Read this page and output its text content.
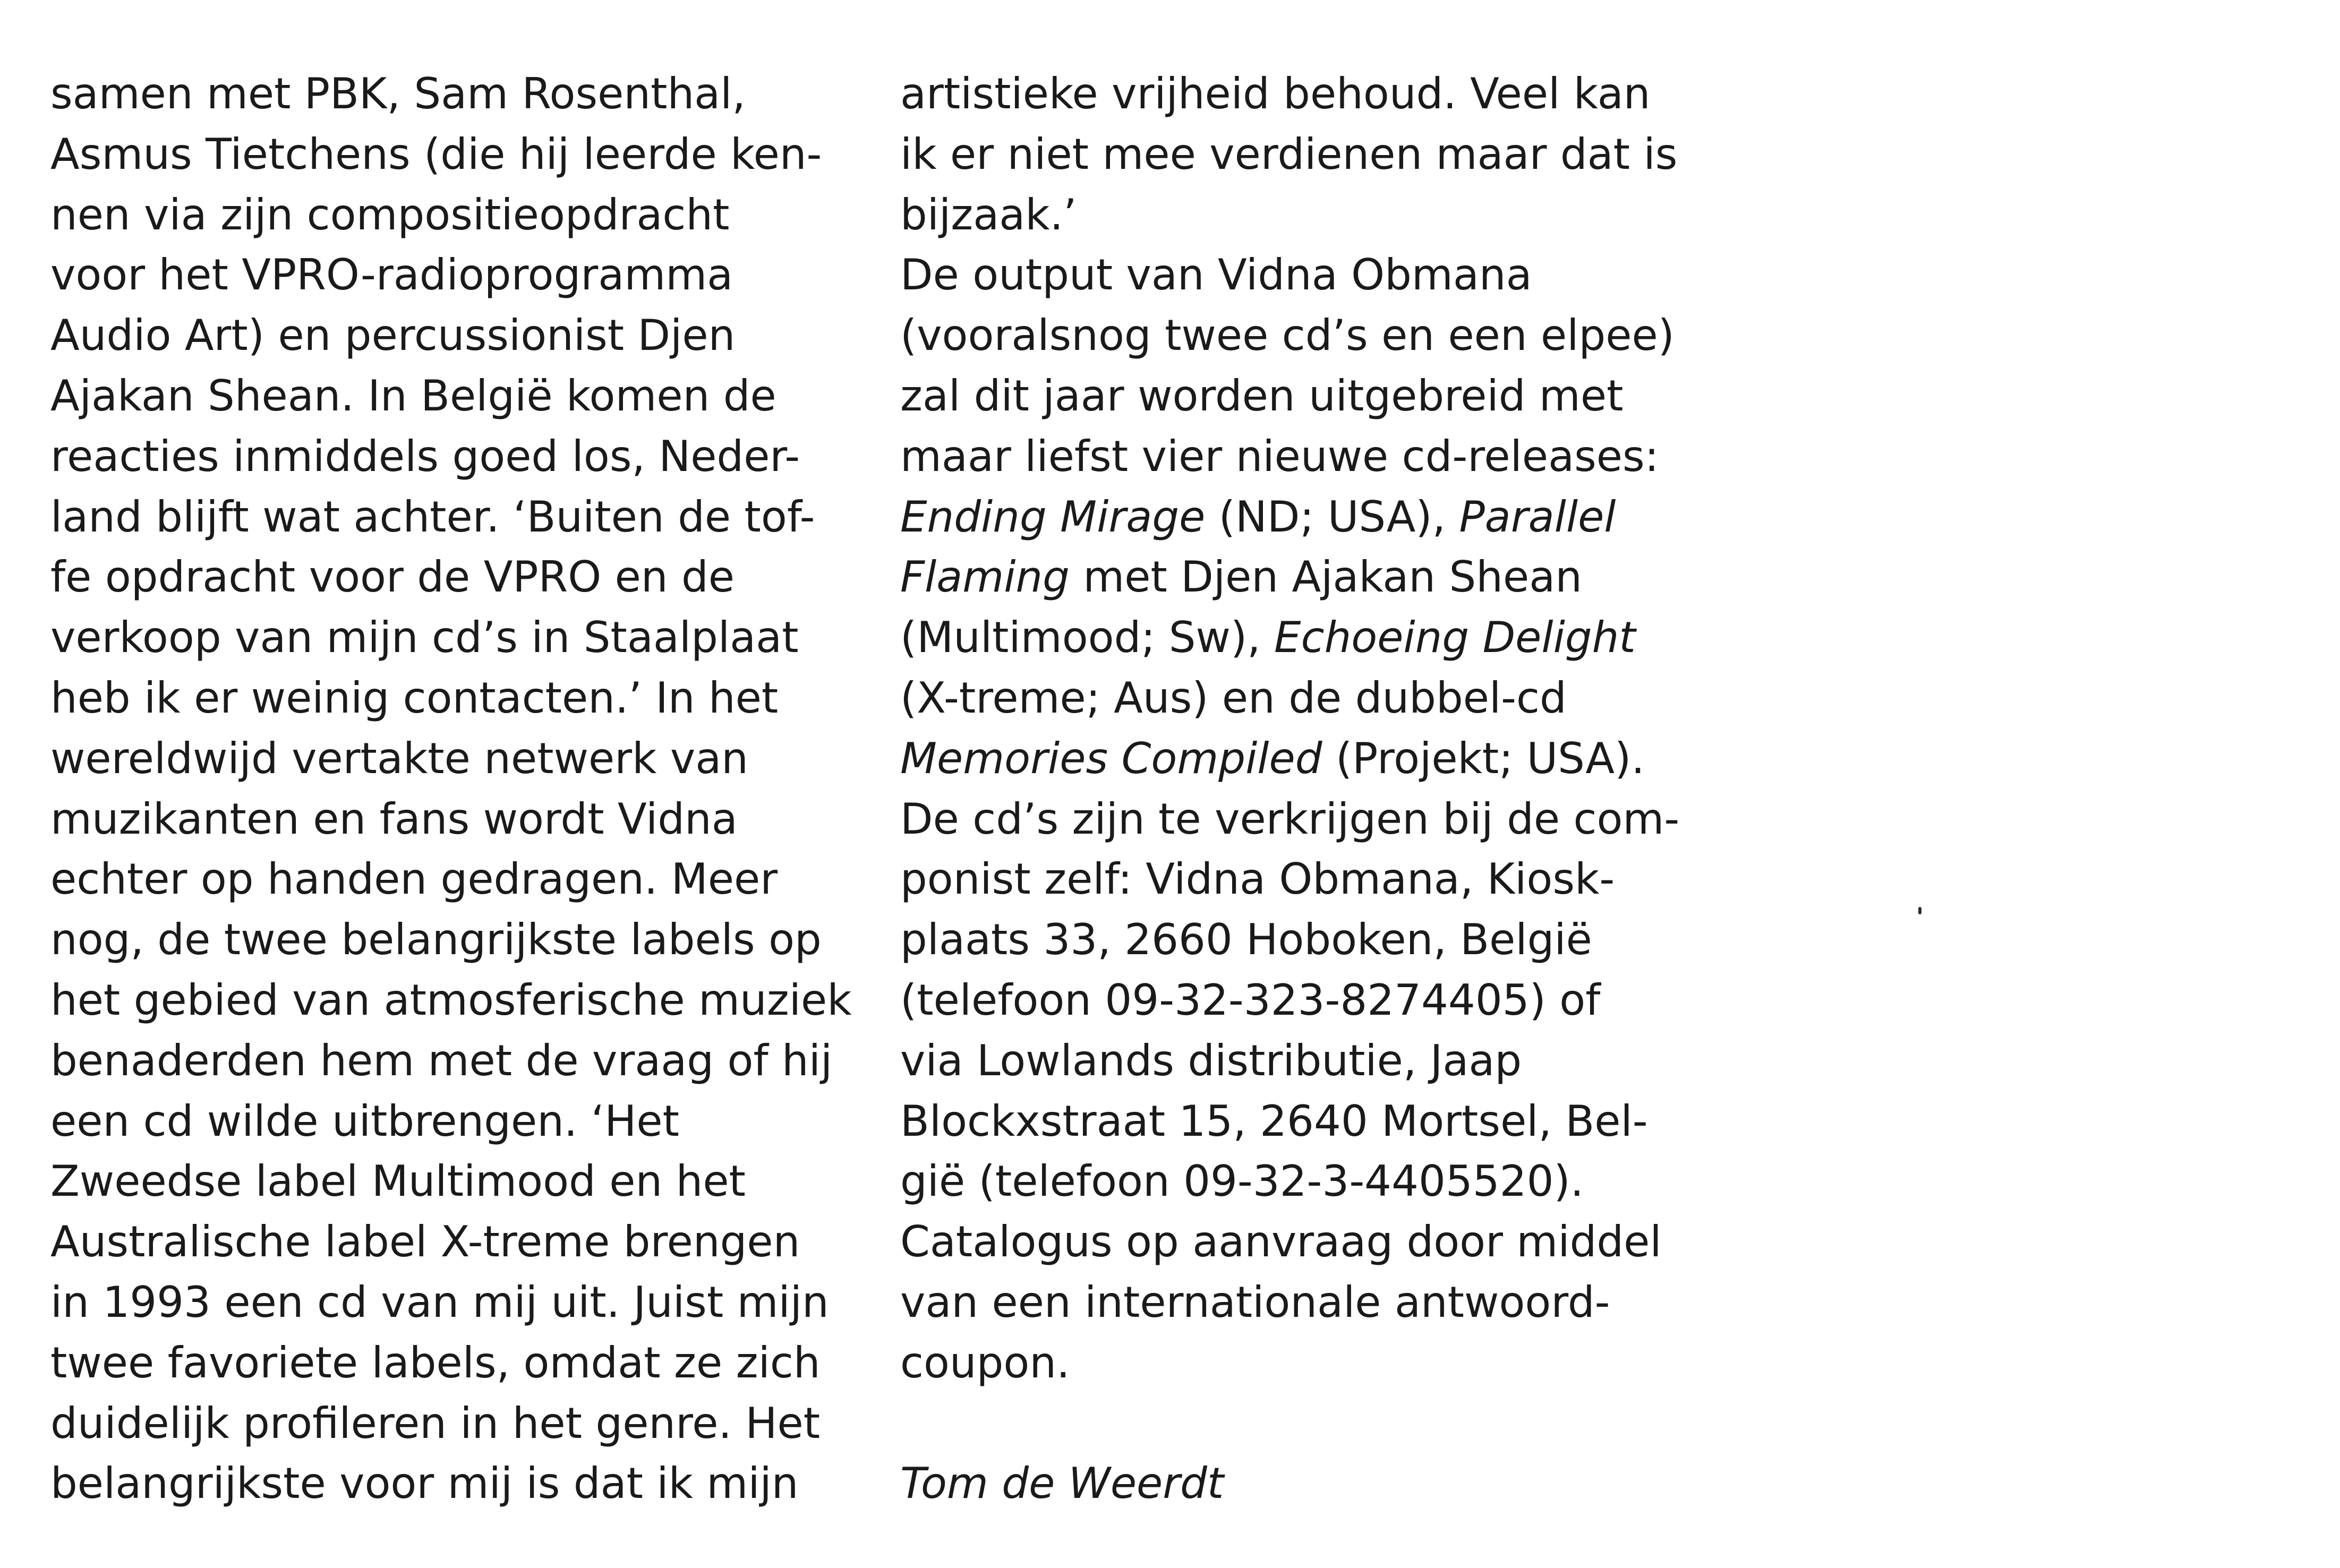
samen met PBK, Sam Rosenthal,
Asmus Tietchens (die hij leerde ken-
nen via zijn compositieopdracht
voor het VPRO-radioprogramma
Audio Art) en percussionist Djen
Ajakan Shean. In België komen de
reacties inmiddels goed los, Neder-
land blijft wat achter. ‘Buiten de tof-
fe opdracht voor de VPRO en de
verkoop van mijn cd’s in Staalplaat
heb ik er weinig contacten.’ In het
wereldwijd vertakte netwerk van
muzikanten en fans wordt Vidna
echter op handen gedragen. Meer
nog, de twee belangrijkste labels op
het gebied van atmosferische muziek
benaderden hem met de vraag of hij
een cd wilde uitbrengen. ‘Het
Zweedse label Multimood en het
Australische label X-treme brengen
in 1993 een cd van mij uit. Juist mijn
twee favoriete labels, omdat ze zich
duidelijk profileren in het genre. Het
belangrijkste voor mij is dat ik mijn
artistieke vrijheid behoud. Veel kan
ik er niet mee verdienen maar dat is
bijzaak.’
De output van Vidna Obmana
(vooralsnog twee cd’s en een elpee)
zal dit jaar worden uitgebreid met
maar liefst vier nieuwe cd-releases:
Ending Mirage (ND; USA), Parallel
Flaming met Djen Ajakan Shean
(Multimood; Sw), Echoeing Delight
(X-treme; Aus) en de dubbel-cd
Memories Compiled (Projekt; USA).
De cd’s zijn te verkrijgen bij de com-
ponist zelf: Vidna Obmana, Kiosk-
plaats 33, 2660 Hoboken, België
(telefoon 09-32-323-8274405) of
via Lowlands distributie, Jaap
Blockxstraat 15, 2640 Mortsel, Bel-
gië (telefoon 09-32-3-4405520).
Catalogus op aanvraag door middel
van een internationale antwoord-
coupon.
Tom de Weerdt
